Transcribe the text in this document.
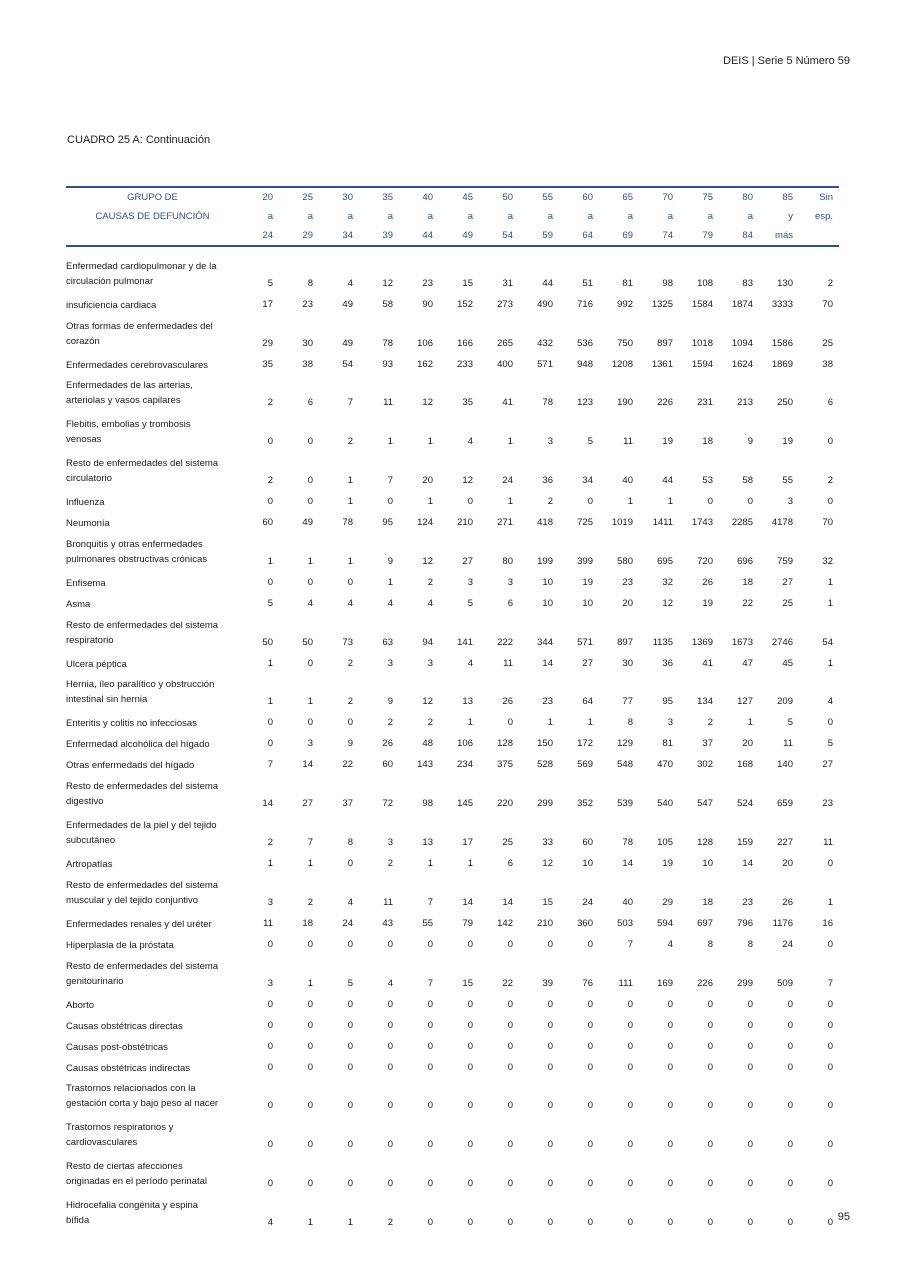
DEIS | Serie 5 Número 59
CUADRO 25 A: Continuación
GRUPO DE	20	25	30	35	40	45	50	55	60	65	70	75	80	85	Sin
CAUSAS DE DEFUNCIÓN	a	a	a	a	a	a	a	a	a	a	a	a	a	y	esp.
	24	29	34	39	44	49	54	59	64	69	74	79	84	más	
Enfermedad cardiopulmonar y de la
circulación pulmonar	5	8	4	12	23	15	31	44	51	81	98	108	83	130	2
insuficiencia cardiaca	17	23	49	58	90	152	273	490	716	992	1325	1584	1874	3333	70
Otras formas de enfermedades del
corazón	29	30	49	78	106	166	265	432	536	750	897	1018	1094	1586	25
Enfermedades cerebrovasculares	35	38	54	93	162	233	400	571	948	1208	1361	1594	1624	1869	38
Enfermedades de las arterias,
arteriolas y vasos capilares	2	6	7	11	12	35	41	78	123	190	226	231	213	250	6
Flebitis, embolias y trombosis
venosas	0	0	2	1	1	4	1	3	5	11	19	18	9	19	0
Resto de enfermedades del sistema
circulatorio	2	0	1	7	20	12	24	36	34	40	44	53	58	55	2
Influenza	0	0	1	0	1	0	1	2	0	1	1	0	0	3	0
Neumonía	60	49	78	95	124	210	271	418	725	1019	1411	1743	2285	4178	70
Bronquitis y otras enfermedades
pulmonares obstructivas crónicas	1	1	1	9	12	27	80	199	399	580	695	720	696	759	32
Enfisema	0	0	0	1	2	3	3	10	19	23	32	26	18	27	1
Asma	5	4	4	4	4	5	6	10	10	20	12	19	22	25	1
Resto de enfermedades del sistema
respiratorio	50	50	73	63	94	141	222	344	571	897	1135	1369	1673	2746	54
Ulcera péptica	1	0	2	3	3	4	11	14	27	30	36	41	47	45	1
Hernia, íleo paralítico y obstrucción
intestinal sin hernia	1	1	2	9	12	13	26	23	64	77	95	134	127	209	4
Enteritis y colitis no infecciosas	0	0	0	2	2	1	0	1	1	8	3	2	1	5	0
Enfermedad alcohólica del hígado	0	3	9	26	48	106	128	150	172	129	81	37	20	11	5
Otras enfermedads del hígado	7	14	22	60	143	234	375	528	569	548	470	302	168	140	27
Resto de enfermedades del sistema
digestivo	14	27	37	72	98	145	220	299	352	539	540	547	524	659	23
Enfermedades de la piel y del tejido
subcutáneo	2	7	8	3	13	17	25	33	60	78	105	128	159	227	11
Artropatías	1	1	0	2	1	1	6	12	10	14	19	10	14	20	0
Resto de enfermedades del sistema
muscular y del tejido conjuntivo	3	2	4	11	7	14	14	15	24	40	29	18	23	26	1
Enfermedades renales y del uréter	11	18	24	43	55	79	142	210	360	503	594	697	796	1176	16
Hiperplasia de la próstata	0	0	0	0	0	0	0	0	0	7	4	8	8	24	0
Resto de enfermedades del sistema
genitourinario	3	1	5	4	7	15	22	39	76	111	169	226	299	509	7
Aborto	0	0	0	0	0	0	0	0	0	0	0	0	0	0	0
Causas obstétricas directas	0	0	0	0	0	0	0	0	0	0	0	0	0	0	0
Causas post-obstétricas	0	0	0	0	0	0	0	0	0	0	0	0	0	0	0
Causas obstétricas indirectas	0	0	0	0	0	0	0	0	0	0	0	0	0	0	0
Trastornos relacionados con la
gestación corta y bajo peso al nacer	0	0	0	0	0	0	0	0	0	0	0	0	0	0	0
Trastornos respiratorios y
cardiovasculares	0	0	0	0	0	0	0	0	0	0	0	0	0	0	0
Resto de ciertas afecciones
originadas en el período perinatal	0	0	0	0	0	0	0	0	0	0	0	0	0	0	0
Hidrocefalia congénita y espina
bífida	4	1	1	2	0	0	0	0	0	0	0	0	0	0	0 95
